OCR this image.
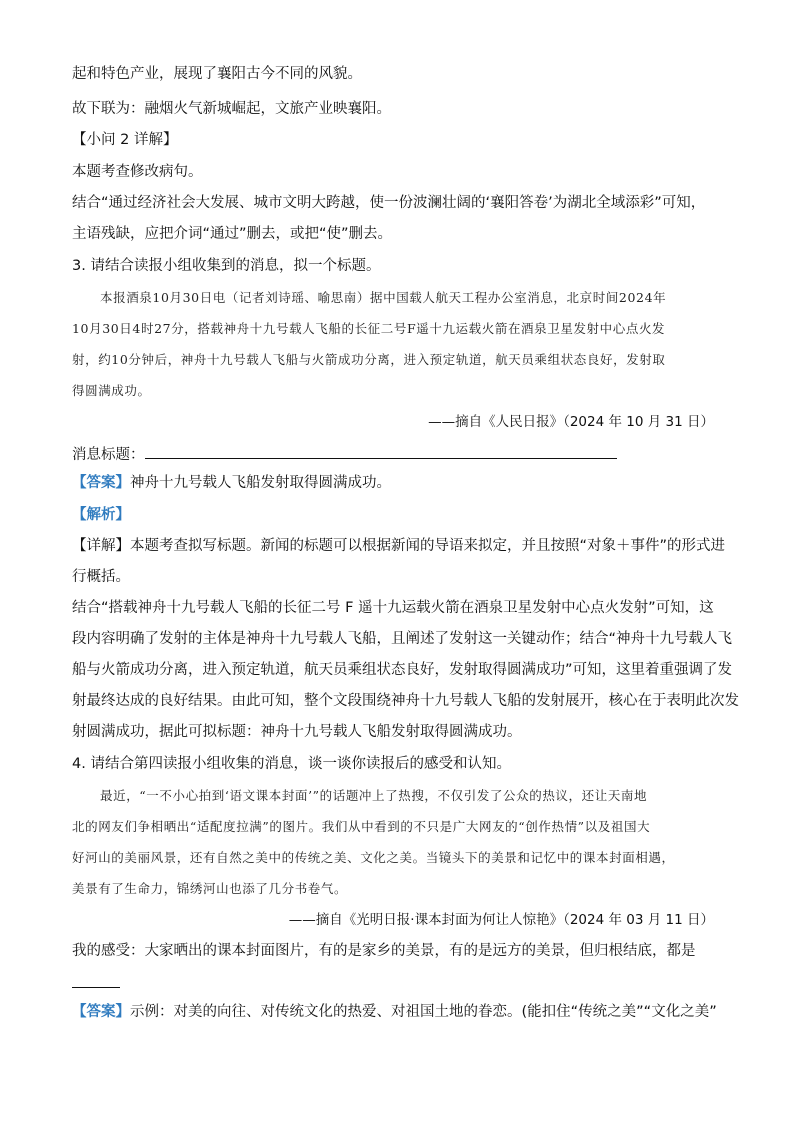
起和特色产业，展现了襄阳古今不同的风貌。
故下联为：融烟火气新城崛起，文旅产业映襄阳。
【小问 2 详解】
本题考查修改病句。
结合“通过经济社会大发展、城市文明大跨越，使一份波澜壮阔的‘襄阳答卷’为湖北全域添彩”可知，
主语残缺，应把介词“通过”删去，或把“使”删去。
3. 请结合读报小组收集到的消息，拟一个标题。
本报酒泉10月30日电（记者刘诗瑶、喻思南）据中国载人航天工程办公室消息，北京时间2024年
10月30日4时27分，搭载神舟十九号载人飞船的长征二号F遥十九运载火箭在酒泉卫星发射中心点火发
射，约10分钟后，神舟十九号载人飞船与火箭成功分离，进入预定轨道，航天员乘组状态良好，发射取
得圆满成功。
——摘自《人民日报》（2024 年 10 月 31 日）
消息标题：
【答案】神舟十九号载人飞船发射取得圆满成功。
【解析】
【详解】本题考查拟写标题。新闻的标题可以根据新闻的导语来拟定，并且按照“对象＋事件”的形式进
行概括。
结合“搭载神舟十九号载人飞船的长征二号 F 遥十九运载火箭在酒泉卫星发射中心点火发射”可知，这
段内容明确了发射的主体是神舟十九号载人飞船，且阐述了发射这一关键动作；结合“神舟十九号载人飞
船与火箭成功分离，进入预定轨道，航天员乘组状态良好，发射取得圆满成功”可知，这里着重强调了发
射最终达成的良好结果。由此可知，整个文段围绕神舟十九号载人飞船的发射展开，核心在于表明此次发
射圆满成功，据此可拟标题：神舟十九号载人飞船发射取得圆满成功。
4. 请结合第四读报小组收集的消息，谈一谈你读报后的感受和认知。
最近，“一不小心拍到‘语文课本封面’”的话题冲上了热搜，不仅引发了公众的热议，还让天南地
北的网友们争相晒出“适配度拉满”的图片。我们从中看到的不只是广大网友的“创作热情”以及祖国大
好河山的美丽风景，还有自然之美中的传统之美、文化之美。当镜头下的美景和记忆中的课本封面相遇，
美景有了生命力，锦绣河山也添了几分书卷气。
——摘自《光明日报·课本封面为何让人惊艳》（2024 年 03 月 11 日）
我的感受：大家晒出的课本封面图片，有的是家乡的美景，有的是远方的美景，但归根结底，都是
【答案】示例：对美的向往、对传统文化的热爱、对祖国土地的眷恋。(能扣住“传统之美”“文化之美”
